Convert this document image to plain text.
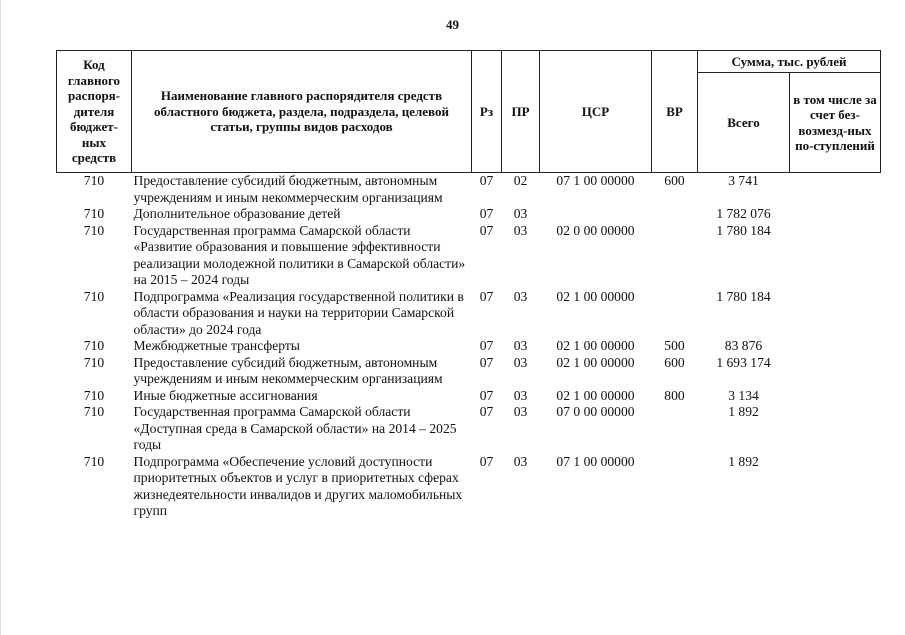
49
Код главного распоря-дителя бюджет-ных средств	Наименование главного распорядителя средств областного бюджета, раздела, подраздела, целевой статьи, группы видов расходов	Рз	ПР	ЦСР	ВР	Сумма, тыс. рублей	
						Всего	в том числе за счет без-возмезд-ных по-ступлений
710	Предоставление субсидий бюджетным, автономным учреждениям и иным некоммерческим организациям	07	02	07 1 00 00000	600	3 741	
710	Дополнительное образование детей	07	03			1 782 076	
710	Государственная программа Самарской области «Развитие образования и повышение эффективности реализации молодежной политики в Самарской области» на 2015 – 2024 годы	07	03	02 0 00 00000		1 780 184	
710	Подпрограмма «Реализация государственной политики в области образования и науки на территории Самарской области» до 2024 года	07	03	02 1 00 00000		1 780 184	
710	Межбюджетные трансферты	07	03	02 1 00 00000	500	83 876	
710	Предоставление субсидий бюджетным, автономным учреждениям и иным некоммерческим организациям	07	03	02 1 00 00000	600	1 693 174	
710	Иные бюджетные ассигнования	07	03	02 1 00 00000	800	3 134	
710	Государственная программа Самарской области «Доступная среда в Самарской области» на 2014 – 2025 годы	07	03	07 0 00 00000		1 892	
710	Подпрограмма «Обеспечение условий доступности приоритетных объектов и услуг в приоритетных сферах жизнедеятельности инвалидов и других маломобильных групп	07	03	07 1 00 00000		1 892	
